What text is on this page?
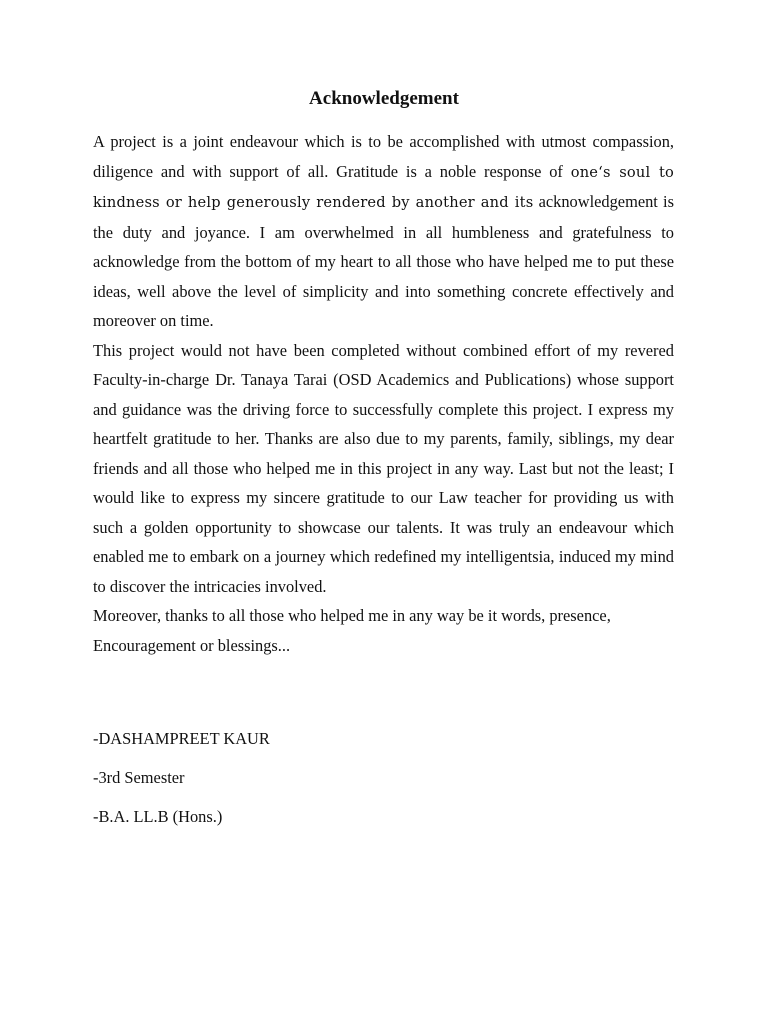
Acknowledgement

A project is a joint endeavour which is to be accomplished with utmost compassion, diligence and with support of all. Gratitude is a noble response of one‘s soul to kindness or help generously rendered by another and its acknowledgement is the duty and joyance. I am overwhelmed in all humbleness and gratefulness to acknowledge from the bottom of my heart to all those who have helped me to put these ideas, well above the level of simplicity and into something concrete effectively and moreover on time.

This project would not have been completed without combined effort of my revered Faculty-in-charge Dr. Tanaya Tarai (OSD Academics and Publications) whose support and guidance was the driving force to successfully complete this project. I express my heartfelt gratitude to her. Thanks are also due to my parents, family, siblings, my dear friends and all those who helped me in this project in any way. Last but not the least; I would like to express my sincere gratitude to our Law teacher for providing us with such a golden opportunity to showcase our talents. It was truly an endeavour which enabled me to embark on a journey which redefined my intelligentsia, induced my mind to discover the intricacies involved.

Moreover, thanks to all those who helped me in any way be it words, presence,

Encouragement or blessings...

-DASHAMPREET KAUR

-3rd Semester

-B.A. LL.B (Hons.)
